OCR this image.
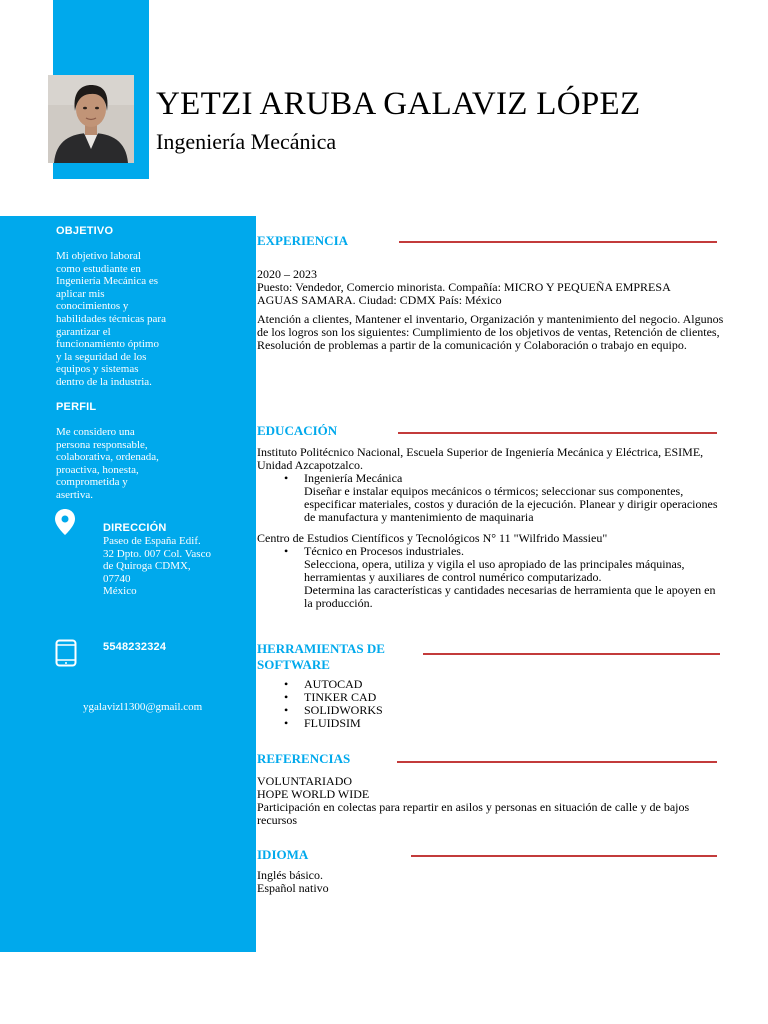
YETZI ARUBA GALAVIZ LÓPEZ
Ingeniería Mecánica
OBJETIVO
Mi objetivo laboral
como estudiante en
Ingeniería Mecánica es
aplicar mis
conocimientos y
habilidades técnicas para
garantizar el
funcionamiento óptimo
y la seguridad de los
equipos y sistemas
dentro de la industria.
PERFIL
Me considero una
persona responsable,
colaborativa, ordenada,
proactiva, honesta,
comprometida y
asertiva.
DIRECCIÓN
Paseo de España Edif.
32 Dpto. 007 Col. Vasco
de Quiroga CDMX,
07740
México
5548232324
ygalavizl1300@gmail.com
EXPERIENCIA

2020 – 2023

Puesto: Vendedor, Comercio minorista. Compañía: MICRO Y PEQUEÑA EMPRESA

AGUAS SAMARA. Ciudad: CDMX País: México

Atención a clientes, Mantener el inventario, Organización y mantenimiento del negocio. Algunos de los logros son los siguientes: Cumplimiento de los objetivos de ventas, Retención de clientes, Resolución de problemas a partir de la comunicación y Colaboración o trabajo en equipo.

EDUCACIÓN

Instituto Politécnico Nacional, Escuela Superior de Ingeniería Mecánica y Eléctrica, ESIME, Unidad Azcapotzalco.

• Ingeniería Mecánica
Diseñar e instalar equipos mecánicos o térmicos; seleccionar sus componentes, especificar materiales, costos y duración de la ejecución. Planear y dirigir operaciones de manufactura y mantenimiento de maquinaria

Centro de Estudios Científicos y Tecnológicos N° 11 "Wilfrido Massieu"

• Técnico en Procesos industriales.
Selecciona, opera, utiliza y vigila el uso apropiado de las principales máquinas, herramientas y auxiliares de control numérico computarizado.
Determina las características y cantidades necesarias de herramienta que le apoyen en la producción.
HERRAMIENTAS DE
SOFTWARE
• AUTOCAD
• TINKER CAD
• SOLIDWORKS
• FLUIDSIM
REFERENCIAS

VOLUNTARIADO

HOPE WORLD WIDE

Participación en colectas para repartir en asilos y personas en situación de calle y de bajos recursos

IDIOMA

Inglés básico.

Español nativo
